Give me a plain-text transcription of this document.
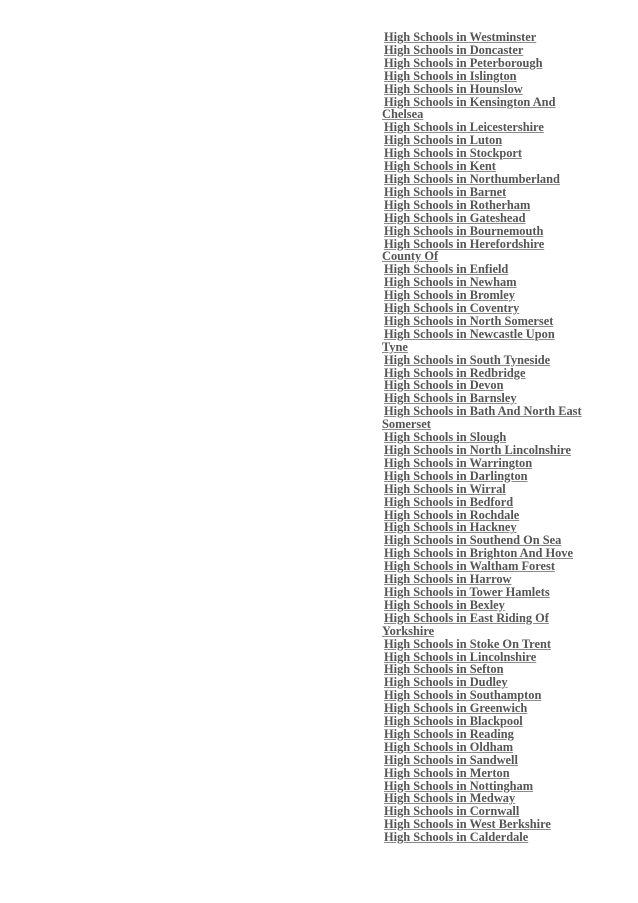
High Schools in Westminster
High Schools in Doncaster
High Schools in Peterborough
High Schools in Islington
High Schools in Hounslow
High Schools in Kensington And Chelsea
High Schools in Leicestershire
High Schools in Luton
High Schools in Stockport
High Schools in Kent
High Schools in Northumberland
High Schools in Barnet
High Schools in Rotherham
High Schools in Gateshead
High Schools in Bournemouth
High Schools in Herefordshire County Of
High Schools in Enfield
High Schools in Newham
High Schools in Bromley
High Schools in Coventry
High Schools in North Somerset
High Schools in Newcastle Upon Tyne
High Schools in South Tyneside
High Schools in Redbridge
High Schools in Devon
High Schools in Barnsley
High Schools in Bath And North East Somerset
High Schools in Slough
High Schools in North Lincolnshire
High Schools in Warrington
High Schools in Darlington
High Schools in Wirral
High Schools in Bedford
High Schools in Rochdale
High Schools in Hackney
High Schools in Southend On Sea
High Schools in Brighton And Hove
High Schools in Waltham Forest
High Schools in Harrow
High Schools in Tower Hamlets
High Schools in Bexley
High Schools in East Riding Of Yorkshire
High Schools in Stoke On Trent
High Schools in Lincolnshire
High Schools in Sefton
High Schools in Dudley
High Schools in Southampton
High Schools in Greenwich
High Schools in Blackpool
High Schools in Reading
High Schools in Oldham
High Schools in Sandwell
High Schools in Merton
High Schools in Nottingham
High Schools in Medway
High Schools in Cornwall
High Schools in West Berkshire
High Schools in Calderdale
